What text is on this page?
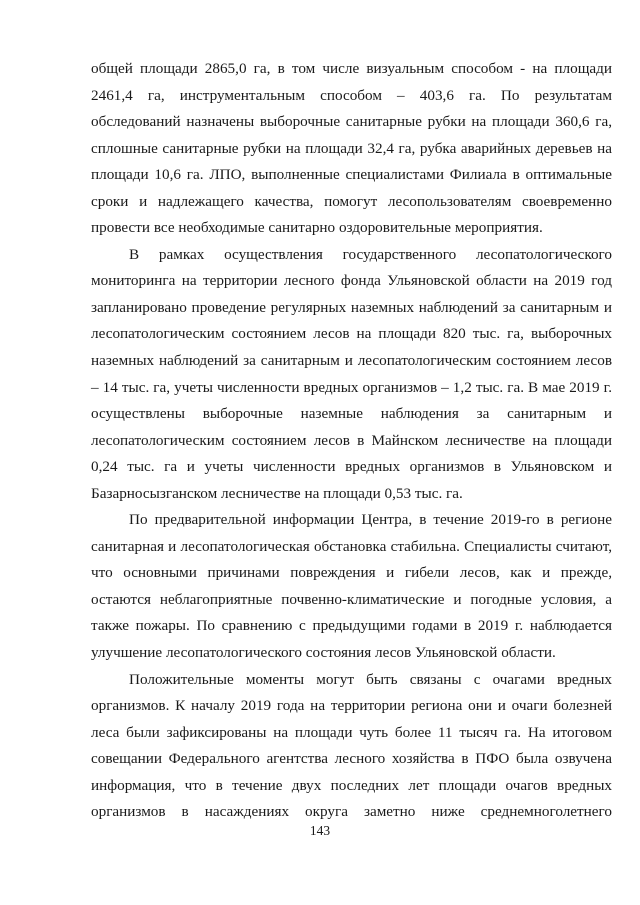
общей площади 2865,0 га, в том числе визуальным способом - на площади
2461,4 га, инструментальным способом – 403,6 га. По результатам
обследований назначены выборочные санитарные рубки на площади 360,6 га,
сплошные санитарные рубки на площади 32,4 га, рубка аварийных деревьев на
площади 10,6 га. ЛПО, выполненные специалистами Филиала в оптимальные
сроки и надлежащего качества, помогут лесопользователям своевременно
провести все необходимые санитарно оздоровительные мероприятия.
В рамках осуществления государственного лесопатологического
мониторинга на территории лесного фонда Ульяновской области на 2019 год
запланировано проведение регулярных наземных наблюдений за санитарным и
лесопатологическим состоянием лесов на площади 820 тыс. га, выборочных
наземных наблюдений за санитарным и лесопатологическим состоянием лесов
– 14 тыс. га, учеты численности вредных организмов – 1,2 тыс. га. В мае 2019 г.
осуществлены выборочные наземные наблюдения за санитарным и
лесопатологическим состоянием лесов в Майнском лесничестве на площади
0,24 тыс. га и учеты численности вредных организмов в Ульяновском и
Базарносызганском лесничестве на площади 0,53 тыс. га.
По предварительной информации Центра, в течение 2019-го в регионе
санитарная и лесопатологическая обстановка стабильна. Специалисты считают,
что основными причинами повреждения и гибели лесов, как и прежде,
остаются неблагоприятные почвенно-климатические и погодные условия, а
также пожары. По сравнению с предыдущими годами в 2019 г. наблюдается
улучшение лесопатологического состояния лесов Ульяновской области.
Положительные моменты могут быть связаны с очагами вредных
организмов. К началу 2019 года на территории региона они и очаги болезней
леса были зафиксированы на площади чуть более 11 тысяч га. На итоговом
совещании Федерального агентства лесного хозяйства в ПФО была озвучена
информация, что в течение двух последних лет площади очагов вредных
организмов в насаждениях округа заметно ниже среднемноголетнего
143
